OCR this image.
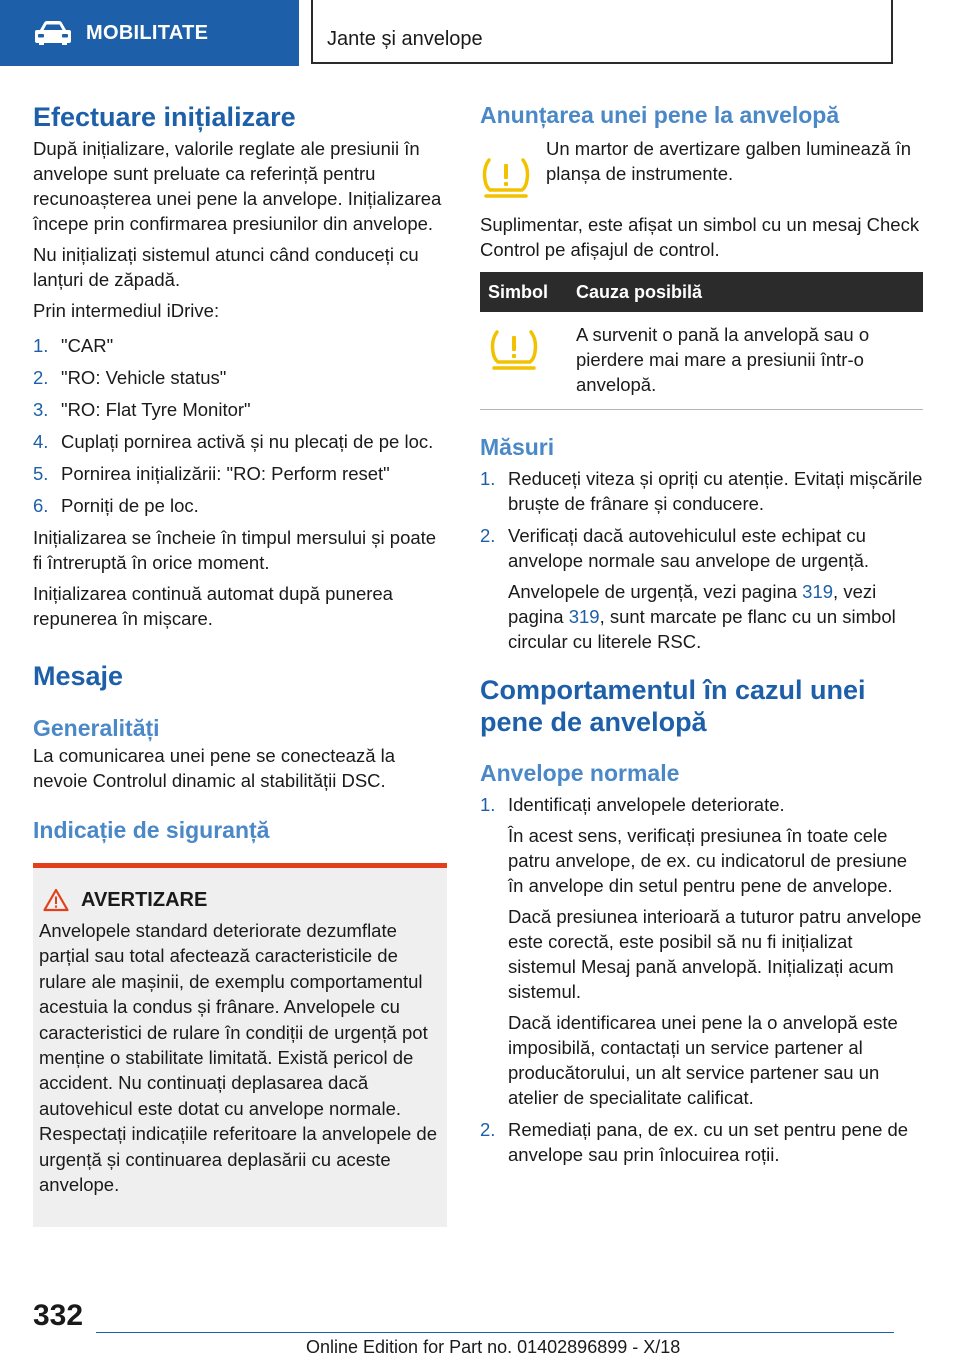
MOBILITATE	Jante și anvelope
Efectuare inițializare

După inițializare, valorile reglate ale presiunii în anvelope sunt preluate ca referință pentru recunoașterea unei pene la anvelope. Inițializarea începe prin confirmarea presiunilor din anvelope.

Nu inițializați sistemul atunci când conduceți cu lanțuri de zăpadă.

Prin intermediul iDrive:

1. "CAR"
2. "RO: Vehicle status"
3. "RO: Flat Tyre Monitor"
4. Cuplați pornirea activă și nu plecați de pe loc.
5. Pornirea inițializării: "RO: Perform reset"
6. Porniți de pe loc.

Inițializarea se încheie în timpul mersului și poate fi întreruptă în orice moment.

Inițializarea continuă automat după punerea repunerea în mișcare.

Mesaje
Generalități

La comunicarea unei pene se conectează la nevoie Controlul dinamic al stabilității DSC.

Indicație de siguranță
AVERTIZARE

Anvelopele standard deteriorate dezumflate parțial sau total afectează caracteristicile de rulare ale mașinii, de exemplu comportamentul acestuia la condus și frânare. Anvelopele cu caracteristici de rulare în condiții de urgență pot menține o stabilitate limitată. Există pericol de accident. Nu continuați deplasarea dacă autovehicul este dotat cu anvelope normale. Respectați indicațiile referitoare la anvelopele de urgență și continuarea deplasării cu aceste anvelope.

Anunțarea unei pene la anvelopă

Un martor de avertizare galben luminează în planșa de instrumente.

Suplimentar, este afișat un simbol cu un mesaj Check Control pe afișajul de control.

Simbol	Cauza posibilă
	A survenit o pană la anvelopă sau o pierdere mai mare a presiunii într-o anvelopă.
Măsuri
1. Reduceți viteza și opriți cu atenție. Evitați mișcările bruște de frânare și conducere.
2. Verificați dacă autovehiculul este echipat cu anvelope normale sau anvelope de urgență.

Anvelopele de urgență, vezi pagina 319, vezi pagina 319, sunt marcate pe flanc cu un simbol circular cu literele RSC.

Comportamentul în cazul unei pene de anvelopă
Anvelope normale
1. Identificați anvelopele deteriorate.

În acest sens, verificați presiunea în toate cele patru anvelope, de ex. cu indicatorul de presiune în anvelope din setul pentru pene de anvelope.

Dacă presiunea interioară a tuturor patru anvelope este corectă, este posibil să nu fi inițializat sistemul Mesaj pană anvelopă. Inițializați acum sistemul.

Dacă identificarea unei pene la o anvelopă este imposibilă, contactați un service partener al producătorului, un alt service partener sau un atelier de specialitate calificat.

2. Remediați pana, de ex. cu un set pentru pene de anvelope sau prin înlocuirea roții.
332
Online Edition for Part no. 01402896899 - X/18
